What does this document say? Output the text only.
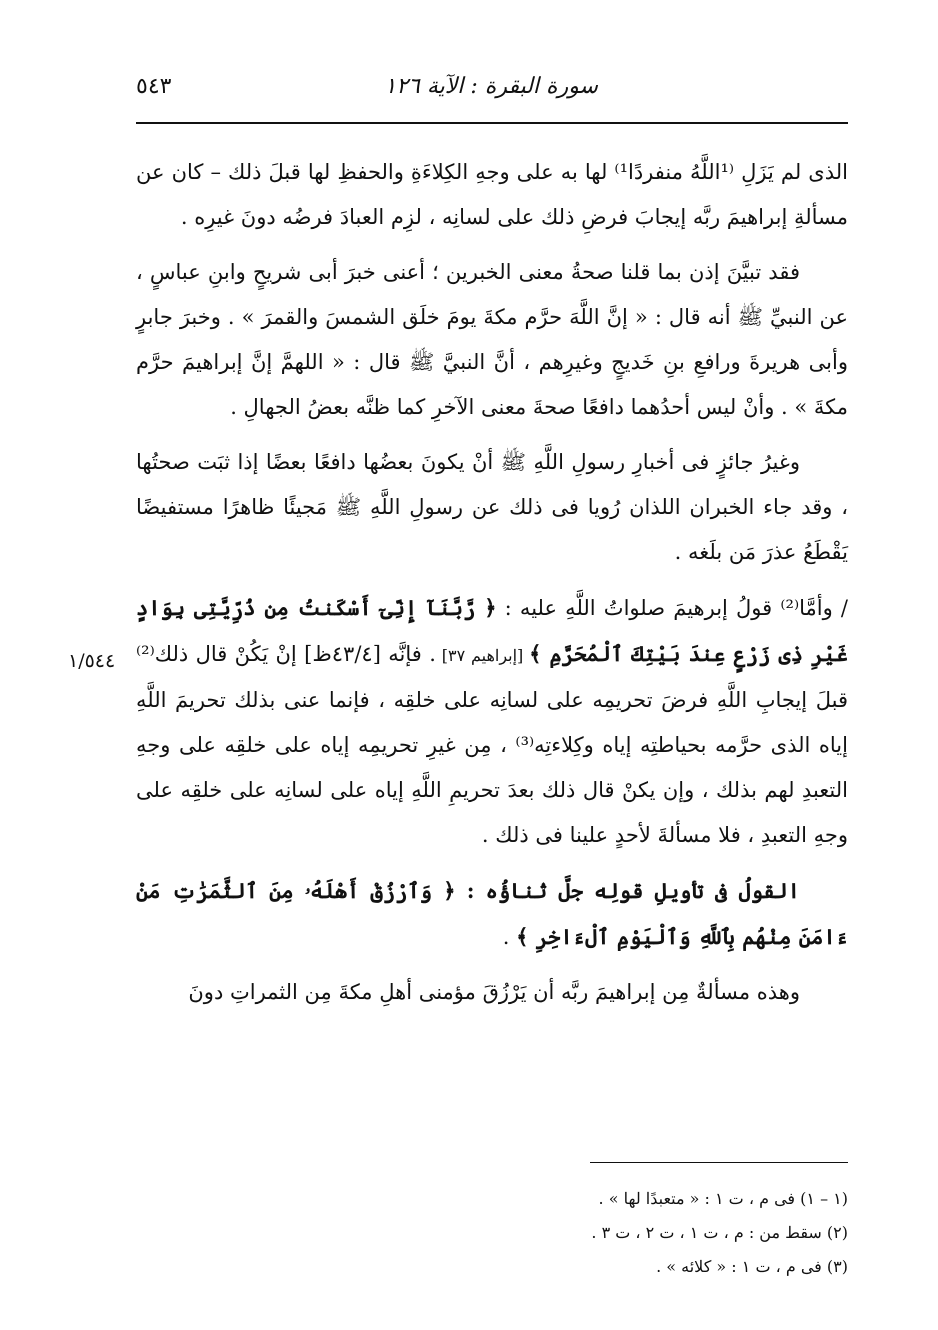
سورة البقرة : الآية ١٢٦
٥٤٣
١/٥٤٤

الذى لم يَزَلِ ⁽¹اللَّهُ منفردًا¹⁾ لها به على وجهِ الكِلاءَةِ والحفظِ لها قبلَ ذلك – كان عن مسألةِ إبراهيمَ ربَّه إيجابَ فرضِ ذلك على لسانِه ، لزِم العبادَ فرضُه دونَ غيرِه .

فقد تبيَّنَ إذن بما قلنا صحةُ معنى الخبرين ؛ أعنى خبرَ أبى شريحٍ وابنِ عباسٍ ، عن النبيِّ ﷺ أنه قال : « إنَّ اللَّهَ حرَّم مكةَ يومَ خلَق الشمسَ والقمرَ » . وخبرَ جابرٍ وأبى هريرةَ ورافعِ بنِ خَديجٍ وغيرِهم ، أنَّ النبيَّ ﷺ قال : « اللهمَّ إنَّ إبراهيمَ حرَّم مكةَ » . وأنْ ليس أحدُهما دافعًا صحةَ معنى الآخرِ كما ظنَّه بعضُ الجهالِ .

وغيرُ جائزٍ فى أخبارِ رسولِ اللَّهِ ﷺ أنْ يكونَ بعضُها دافعًا بعضًا إذا ثبَت صحتُها ، وقد جاء الخبران اللذان رُويا فى ذلك عن رسولِ اللَّهِ ﷺ مَجيئًا ظاهرًا مستفيضًا يَقْطَعُ عذرَ مَن بلَغه .

/ وأمَّا⁽²⁾ قولُ إبرهيمَ صلواتُ اللَّهِ عليه : ﴿ رَّبَّنَآ إِنِّىٓ أَسْكَنتُ مِن ذُرِّيَّتِى بِوَادٍ غَيْرِ ذِى زَرْعٍ عِندَ بَيْتِكَ ٱلْمُحَرَّمِ ﴾ [إبراهيم ٣٧] . فإنَّه [٤٣/٤ظ] إنْ يَكُنْ قال ذلك⁽²⁾ قبلَ إيجابِ اللَّهِ فرضَ تحريمِه على لسانِه على خلقِه ، فإنما عنى بذلك تحريمَ اللَّهِ إياه الذى حرَّمه بحياطتِه إياه وكِلاءتِه⁽³⁾ ، مِن غيرِ تحريمِه إياه على خلقِه على وجهِ التعبدِ لهم بذلك ، وإن يكنْ قال ذلك بعدَ تحريمِ اللَّهِ إياه على لسانِه على خلقِه على وجهِ التعبدِ ، فلا مسألةَ لأحدٍ علينا فى ذلك .

القولُ فى تأويلِ قولِه جلَّ ثناؤُه : ﴿ وَٱرْزُقْ أَهْلَهُۥ مِنَ ٱلثَّمَرَٰتِ مَنْ ءَامَنَ مِنْهُم بِٱللَّهِ وَٱلْيَوْمِ ٱلْءَاخِرِ ﴾ .

وهذه مسألةٌ مِن إبراهيمَ ربَّه أن يَرْزُقَ مؤمنى أهلِ مكةَ مِن الثمراتِ دونَ

(١ – ١) فى م ، ت ١ : « متعبدًا لها » .

(٢) سقط من : م ، ت ١ ، ت ٢ ، ت ٣ .

(٣) فى م ، ت ١ : « كلائه » .
